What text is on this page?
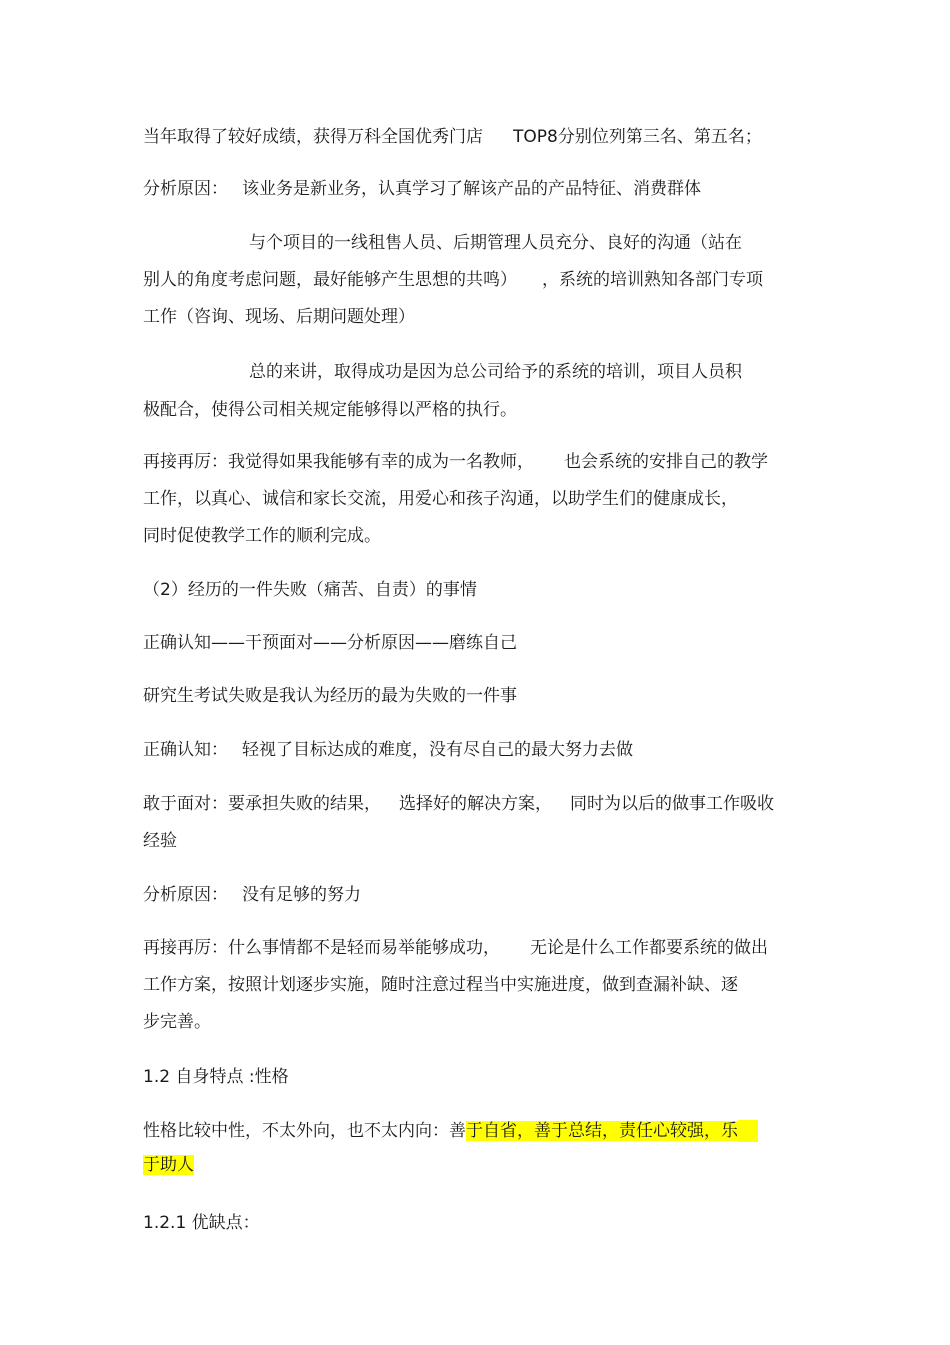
当年取得了较好成绩，获得万科全国优秀门店 TOP8分别位列第三名、第五名；
分析原因： 该业务是新业务，认真学习了解该产品的产品特征、消费群体
与个项目的一线租售人员、后期管理人员充分、良好的沟通（站在
别人的角度考虑问题，最好能够产生思想的共鸣） ，系统的培训熟知各部门专项
工作（咨询、现场、后期问题处理）
总的来讲，取得成功是因为总公司给予的系统的培训，项目人员积
极配合，使得公司相关规定能够得以严格的执行。
再接再厉：我觉得如果我能够有幸的成为一名教师， 也会系统的安排自己的教学
工作，以真心、诚信和家长交流，用爱心和孩子沟通，以助学生们的健康成长，
同时促使教学工作的顺利完成。
（2）经历的一件失败（痛苦、自责）的事情
正确认知——干预面对——分析原因——磨练自己
研究生考试失败是我认为经历的最为失败的一件事
正确认知： 轻视了目标达成的难度，没有尽自己的最大努力去做
敢于面对：要承担失败的结果， 选择好的解决方案， 同时为以后的做事工作吸收
经验
分析原因： 没有足够的努力
再接再厉：什么事情都不是轻而易举能够成功， 无论是什么工作都要系统的做出
工作方案，按照计划逐步实施，随时注意过程当中实施进度，做到查漏补缺、逐
步完善。
1.2 自身特点 :性格
性格比较中性，不太外向，也不太内向：善于自省，善于总结，责任心较强，乐
于助人
1.2.1 优缺点：
